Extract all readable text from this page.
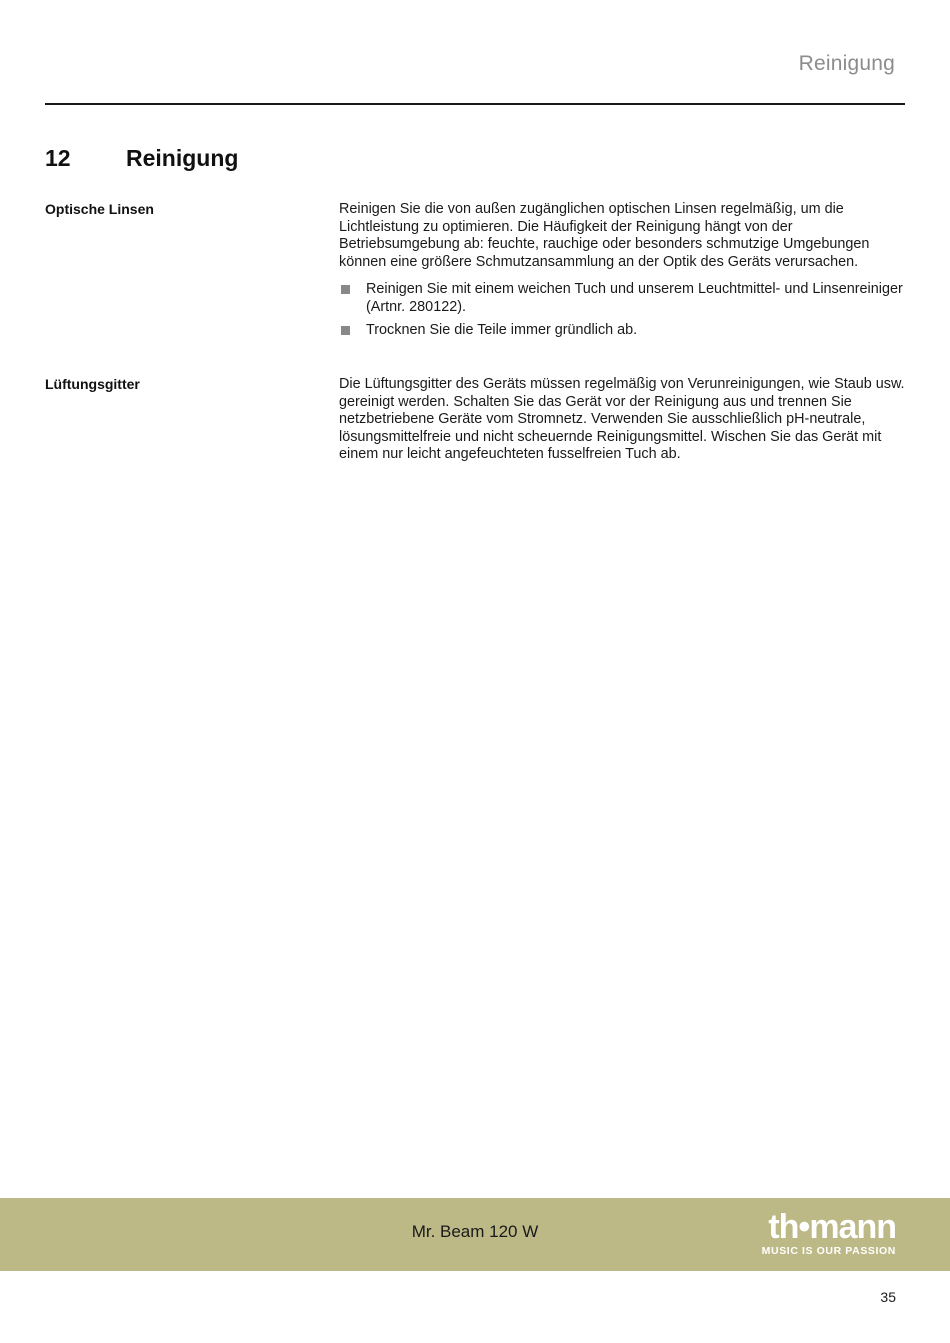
Reinigung
12 Reinigung
Optische Linsen	Reinigen Sie die von außen zugänglichen optischen Linsen regelmäßig, um die Lichtleistung zu optimieren. Die Häufigkeit der Reinigung hängt von der Betriebsumgebung ab: feuchte, rauchige oder besonders schmutzige Umgebungen können eine größere Schmutzansammlung an der Optik des Geräts verursachen.

Reinigen Sie mit einem weichen Tuch und unserem Leuchtmittel- und Linsenreiniger (Artnr. 280122).
Trocknen Sie die Teile immer gründlich ab.
Lüftungsgitter	Die Lüftungsgitter des Geräts müssen regelmäßig von Verunreinigungen, wie Staub usw. gereinigt werden. Schalten Sie das Gerät vor der Reinigung aus und trennen Sie netzbetriebene Geräte vom Stromnetz. Verwenden Sie ausschließlich pH-neutrale, lösungsmittelfreie und nicht scheuernde Reinigungsmittel. Wischen Sie das Gerät mit einem nur leicht angefeuchteten fusselfreien Tuch ab.

Mr. Beam 120 W	th•mann
MUSIC IS OUR PASSION
35
